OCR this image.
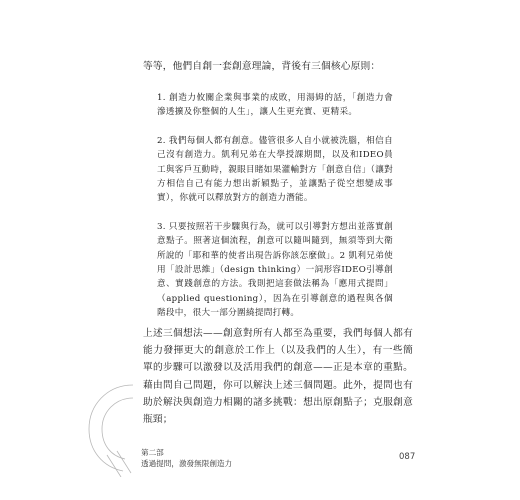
等等，他們自創一套創意理論，背後有三個核心原則：

1. 創造力攸關企業與事業的成敗，用湯姆的話，「創造力會滲透擴及你整個的人生」，讓人生更充實、更精采。

2. 我們每個人都有創意。儘管很多人自小就被洗腦，相信自己沒有創造力。凱利兄弟在大學授課期間，以及和IDEO員工與客戶互動時，親眼目睹如果灌輸對方「創意自信」（讓對方相信自己有能力想出新穎點子，並讓點子從空想變成事實），你就可以釋放對方的創造力潛能。

3. 只要按照若干步驟與行為，就可以引導對方想出並落實創意點子。照著這個流程，創意可以隨叫隨到，無須等到大衛所說的「耶和華的使者出現告訴你該怎麼做」。2 凱利兄弟使用「設計思維」（design thinking）一詞形容IDEO引導創意、實踐創意的方法。我則把這套做法稱為「應用式提問」（applied questioning），因為在引導創意的過程與各個階段中，很大一部分圍繞提問打轉。

上述三個想法——創意對所有人都至為重要，我們每個人都有能力發揮更大的創意於工作上（以及我們的人生），有一些簡單的步驟可以激發以及活用我們的創意——正是本章的重點。藉由問自己問題，你可以解決上述三個問題。此外，提問也有助於解決與創造力相關的諸多挑戰：想出原創點子；克服創意瓶頸；

第二部
透過提問，激發無限創造力
087
